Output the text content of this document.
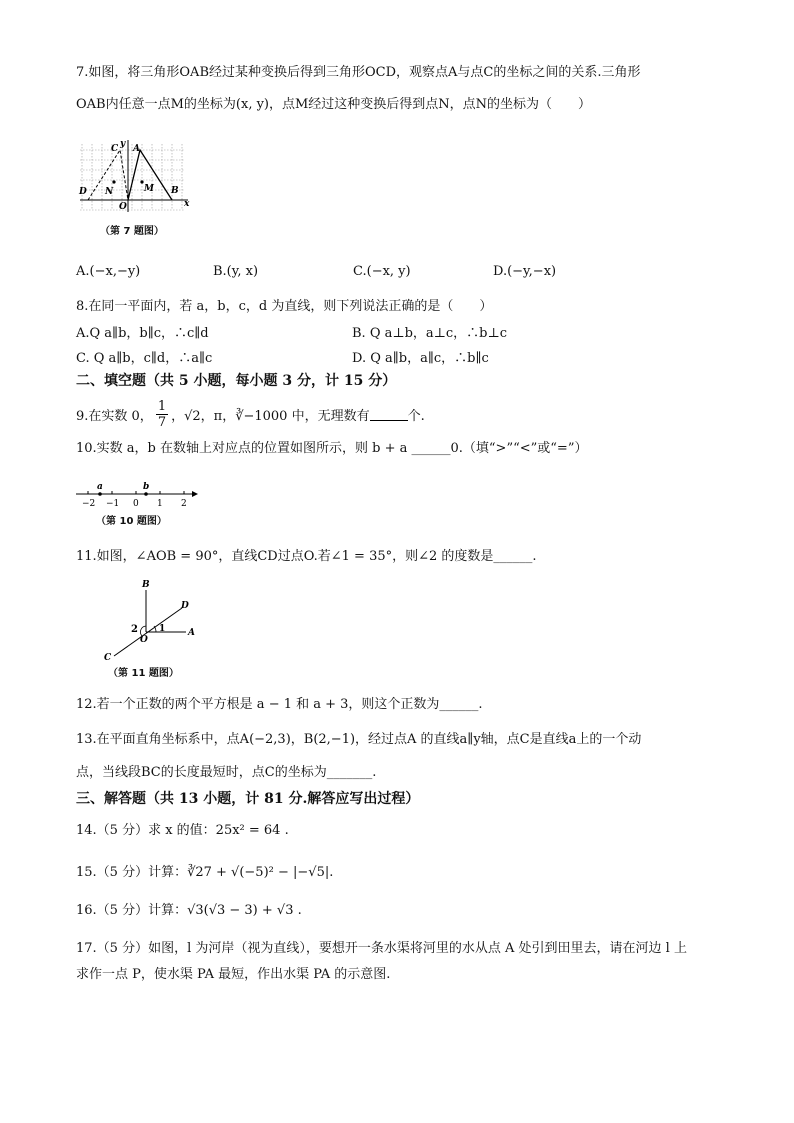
7.如图，将三角形OAB经过某种变换后得到三角形OCD，观察点A与点C的坐标之间的关系.三角形
OAB内任意一点M的坐标为(x, y)，点M经过这种变换后得到点N，点N的坐标为（　　）
C y A
D N	M B
O	x
（第 7 题图）
A.(−x,−y)	B.(y, x)	C.(−x, y)	D.(−y,−x)
8.在同一平面内，若 a，b，c，d 为直线，则下列说法正确的是（　　）
A.Q a∥b，b∥c，∴c∥d	B. Q a⊥b，a⊥c，∴b⊥c
C. Q a∥b，c∥d，∴a∥c	D. Q a∥b，a∥c，∴b∥c
二、填空题（共 5 小题，每小题 3 分，计 15 分）
9.在实数 0， $\frac{1}{7}$ ，√2，π，∛−1000 中，无理数有	个.
10.实数 a，b 在数轴上对应点的位置如图所示，则 b + a ______0.（填“>”“<”或“=”）
a	b
−2 −1 0 1 2
（第 10 题图）
11.如图，∠AOB = 90°，直线CD过点O.若∠1 = 35°，则∠2 的度数是______.
B
D
2 1
O
A
C
（第 11 题图）
12.若一个正数的两个平方根是 a − 1 和 a + 3，则这个正数为______.
13.在平面直角坐标系中，点A(−2,3)，B(2,−1)，经过点A 的直线a∥y轴，点C是直线a上的一个动
点，当线段BC的长度最短时，点C的坐标为_______.
三、解答题（共 13 小题，计 81 分.解答应写出过程）
14.（5 分）求 x 的值：25x² = 64 .
15.（5 分）计算：∛27 + √(−5)² − |−√5|.
16.（5 分）计算：√3(√3 − 3) + √3 .
17.（5 分）如图，l 为河岸（视为直线），要想开一条水渠将河里的水从点 A 处引到田里去，请在河边 l 上
求作一点 P，使水渠 PA 最短，作出水渠 PA 的示意图.
